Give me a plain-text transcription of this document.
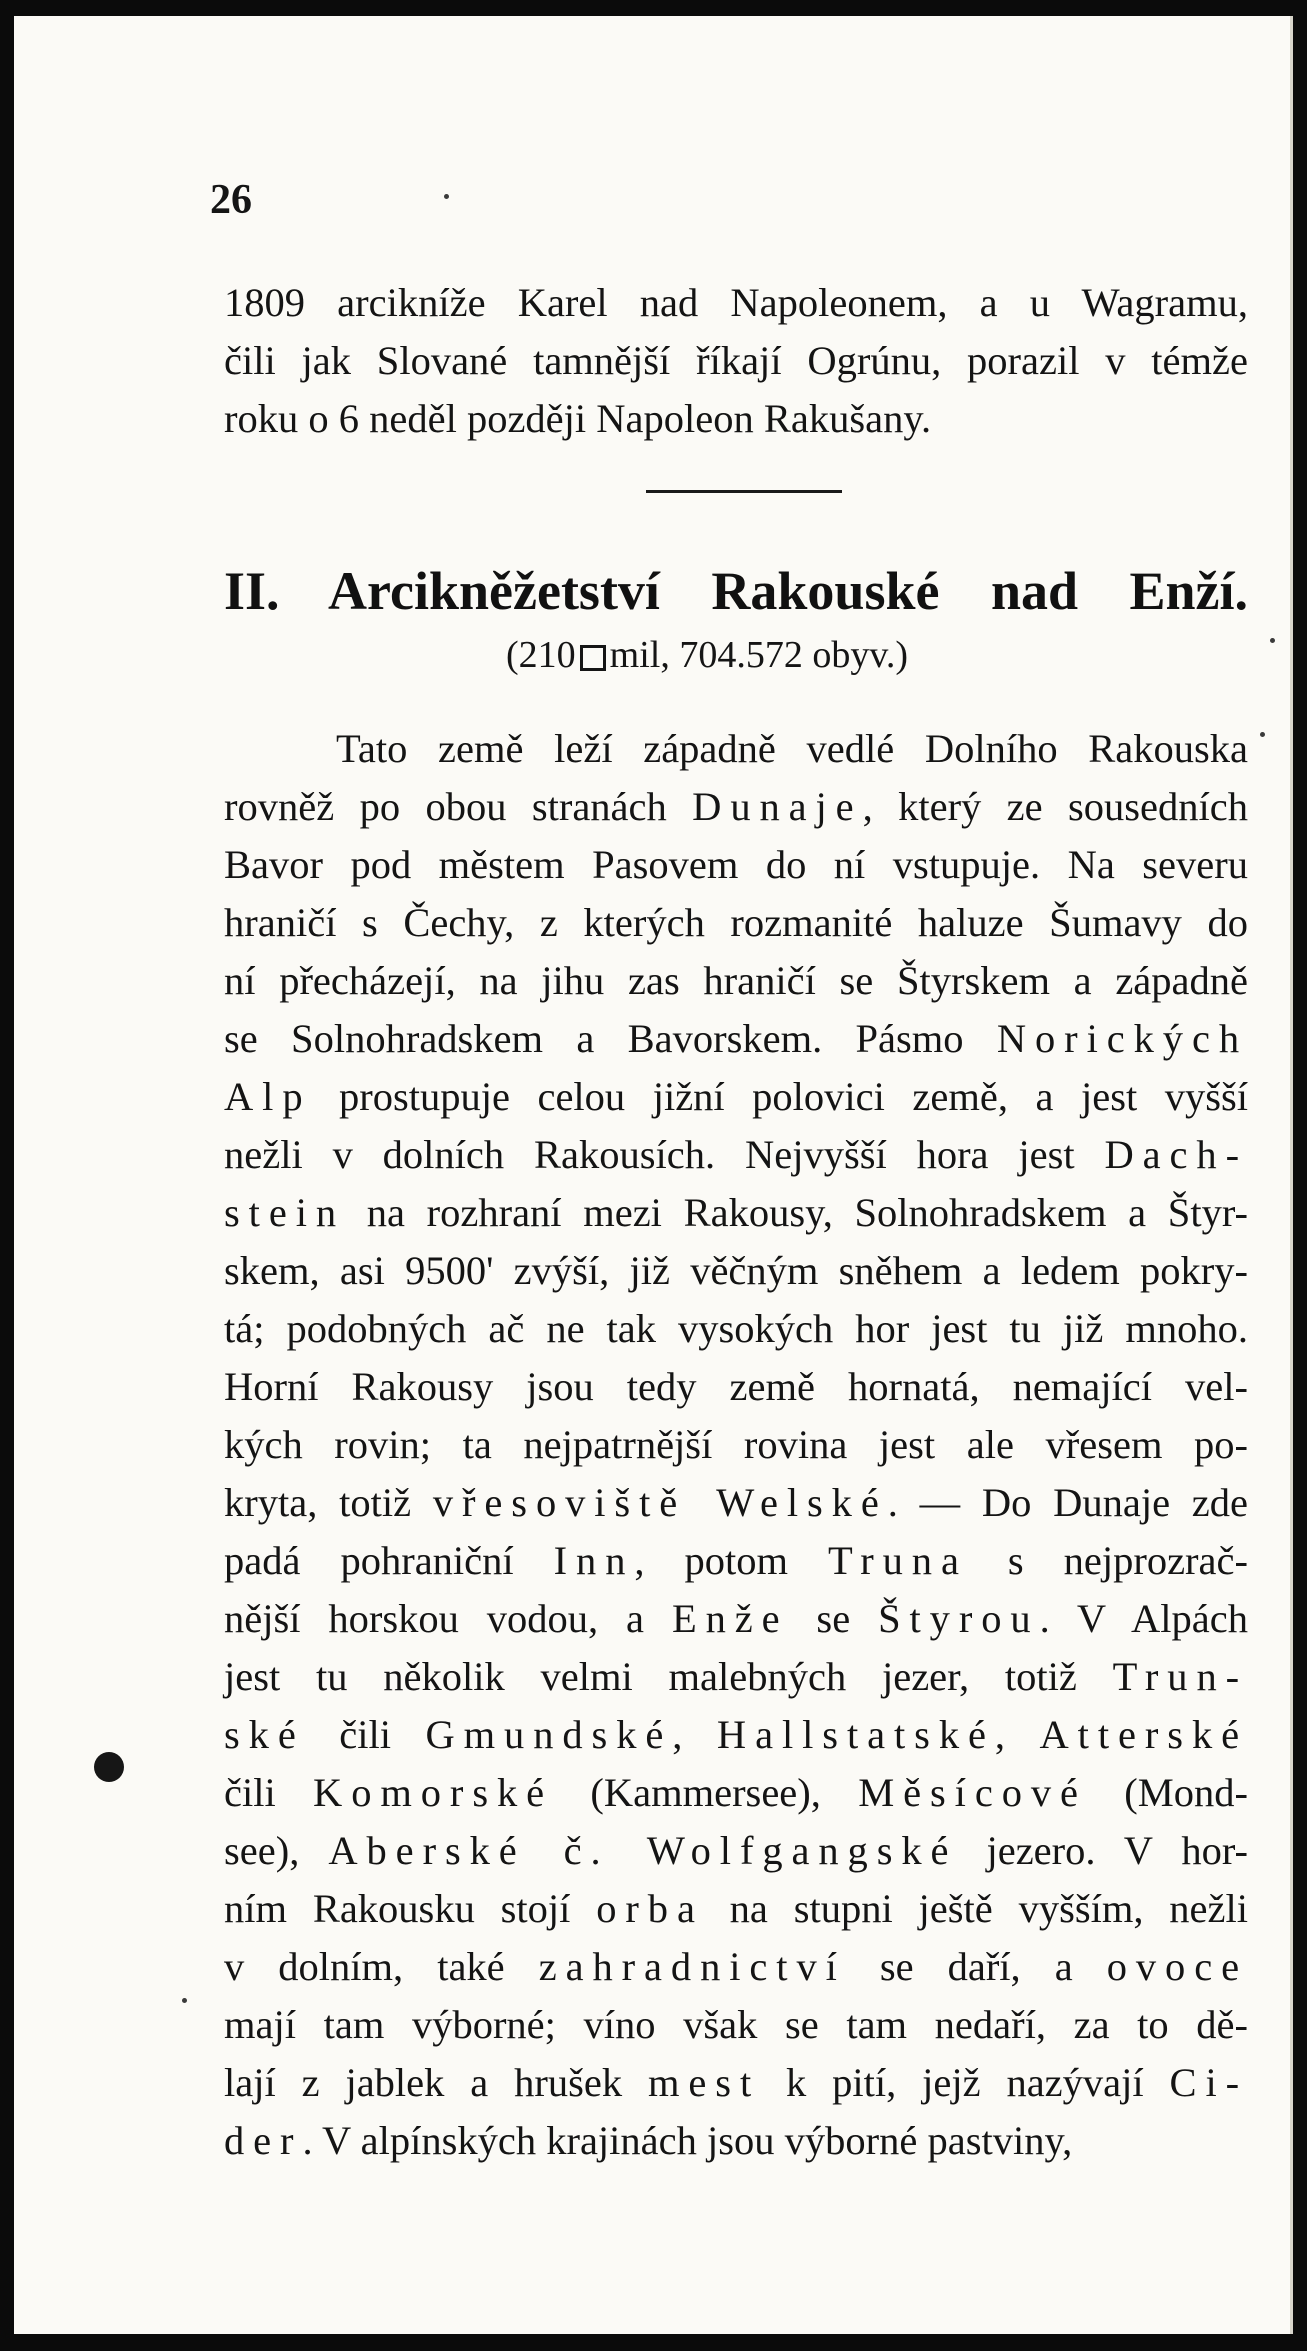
26
1809 arcikníže Karel nad Napoleonem, a u Wagramu,
čili jak Slované tamnější říkají Ogrúnu, porazil v témže
roku o 6 neděl později Napoleon Rakušany.
II. Arcikněžetství Rakouské nad Enží.
(210 mil, 704.572 obyv.)
Tato země leží západně vedlé Dolního Rakouska
rovněž po obou stranách Dunaje, který ze sousedních
Bavor pod městem Pasovem do ní vstupuje. Na severu
hraničí s Čechy, z kterých rozmanité haluze Šumavy do
ní přecházejí, na jihu zas hraničí se Štyrskem a západně
se Solnohradskem a Bavorskem. Pásmo Norických
Alp prostupuje celou jižní polovici země, a jest vyšší
nežli v dolních Rakousích. Nejvyšší hora jest Dach-
stein na rozhraní mezi Rakousy, Solnohradskem a Štyr-
skem, asi 9500' zvýší, již věčným sněhem a ledem pokry-
tá; podobných ač ne tak vysokých hor jest tu již mnoho.
Horní Rakousy jsou tedy země hornatá, nemající vel-
kých rovin; ta nejpatrnější rovina jest ale vřesem po-
kryta, totiž vřesoviště Welské. — Do Dunaje zde
padá pohraniční Inn, potom Truna s nejprozrač-
nější horskou vodou, a Enže se Štyrou. V Alpách
jest tu několik velmi malebných jezer, totiž Trun-
ské čili Gmundské, Hallstatské, Atterské
čili Komorské (Kammersee), Měsícové (Mond-
see), Aberské č. Wolfgangské jezero. V hor-
ním Rakousku stojí orba na stupni ještě vyšším, nežli
v dolním, také zahradnictví se daří, a ovoce
mají tam výborné; víno však se tam nedaří, za to dě-
lají z jablek a hrušek mest k pití, jejž nazývají Ci-
der. V alpínských krajinách jsou výborné pastviny,
